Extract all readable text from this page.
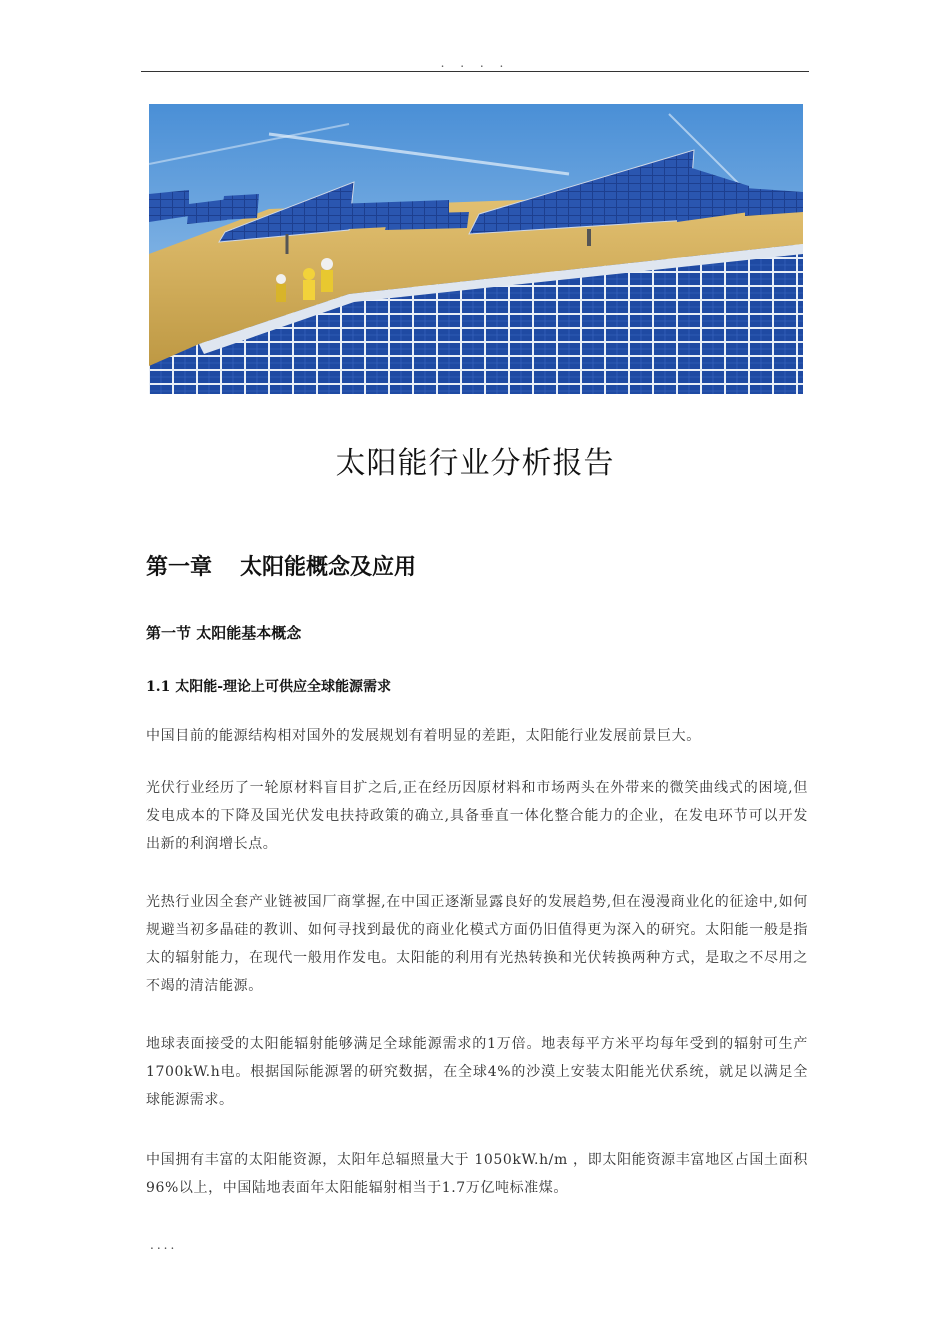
. . . .
太阳能行业分析报告
第一章 太阳能概念及应用
第一节 太阳能基本概念
1.1 太阳能-理论上可供应全球能源需求

中国目前的能源结构相对国外的发展规划有着明显的差距，太阳能行业发展前景巨大。

光伏行业经历了一轮原材料盲目扩之后,正在经历因原材料和市场两头在外带来的微笑曲线式的困境,但发电成本的下降及国光伏发电扶持政策的确立,具备垂直一体化整合能力的企业，在发电环节可以开发出新的利润增长点。

光热行业因全套产业链被国厂商掌握,在中国正逐渐显露良好的发展趋势,但在漫漫商业化的征途中,如何规避当初多晶硅的教训、如何寻找到最优的商业化模式方面仍旧值得更为深入的研究。太阳能一般是指太的辐射能力，在现代一般用作发电。太阳能的利用有光热转换和光伏转换两种方式，是取之不尽用之不竭的清洁能源。

地球表面接受的太阳能辐射能够满足全球能源需求的1万倍。地表每平方米平均每年受到的辐射可生产1700kW.h电。根据国际能源署的研究数据，在全球4%的沙漠上安装太阳能光伏系统，就足以满足全球能源需求。

中国拥有丰富的太阳能资源，太阳年总辐照量大于 1050kW.h/m ，即太阳能资源丰富地区占国土面积96%以上，中国陆地表面年太阳能辐射相当于1.7万亿吨标准煤。

....
